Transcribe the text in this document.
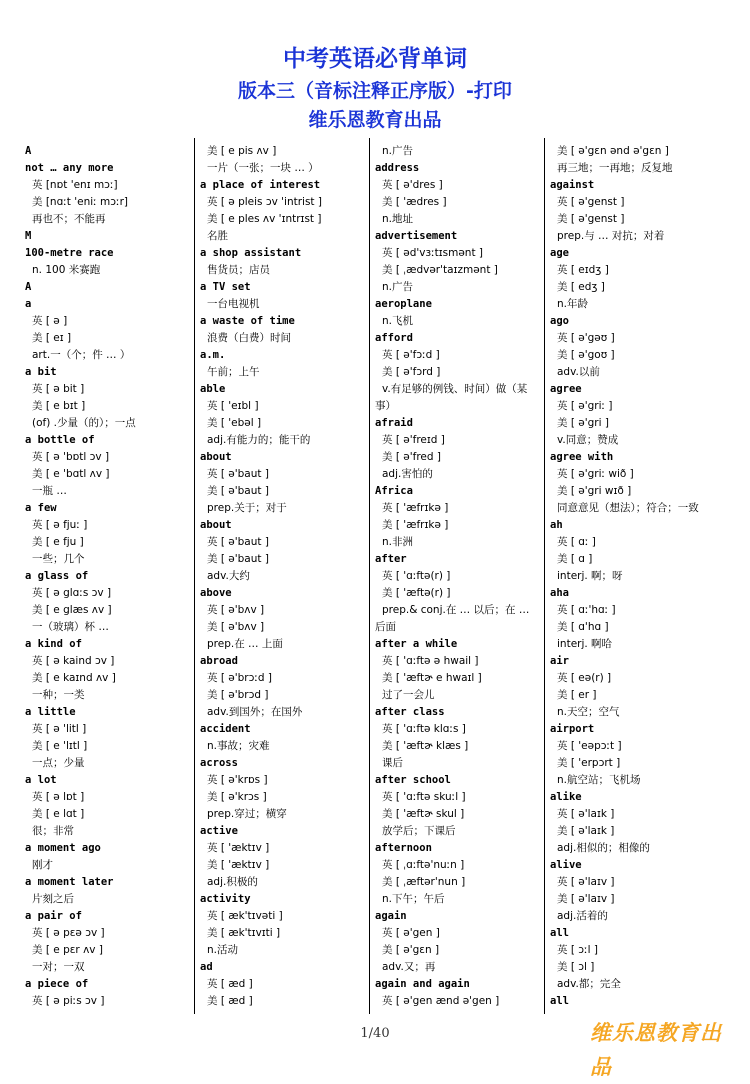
中考英语必背单词
版本三（音标注释正序版）-打印
维乐恩教育出品
A
not … any more
英 [nɒt 'enɪ mɔː]
美 [nɑːt 'eniː mɔːr]
再也不；不能再
M
100-metre race
n. 100 米赛跑
A
a
英 [ ə ]
美 [ eɪ ]
art.一（个；件 … ）
a bit
英 [ ə bit ]
美 [ e bɪt ]
(of) .少量（的）；一点
a bottle of
英 [ ə 'bɒtl ɔv ]
美 [ e 'bɑtl ʌv ]
一瓶 …
a few
英 [ ə fjuː ]
美 [ e fju ]
一些；几个
a glass of
英 [ ə glɑːs ɔv ]
美 [ e glæs ʌv ]
一（玻璃）杯 …
a kind of
英 [ ə kaind ɔv ]
美 [ e kaɪnd ʌv ]
一种；一类
a little
英 [ ə 'litl ]
美 [ e 'lɪtl ]
一点；少量
a lot
英 [ ə lɒt ]
美 [ e lɑt ]
很；非常
a moment ago
刚才
a moment later
片刻之后
a pair of
英 [ ə pɛə ɔv ]
美 [ e pɛr ʌv ]
一对；一双
a piece of
英 [ ə piːs ɔv ]
美 [ e pis ʌv ]
一片（一张；一块 … ）
a place of interest
英 [ ə pleis ɔv 'intrist ]
美 [ e ples ʌv 'ɪntrɪst ]
名胜
a shop assistant
售货员；店员
a TV set
一台电视机
a waste of time
浪费（白费）时间
a.m.
午前；上午
able
英 [ 'eɪbl ]
美 [ 'ebəl ]
adj.有能力的；能干的
about
英 [ ə'baut ]
美 [ ə'baut ]
prep.关于；对于
about
英 [ ə'baut ]
美 [ ə'baut ]
adv.大约
above
英 [ ə'bʌv ]
美 [ ə'bʌv ]
prep.在 … 上面
abroad
英 [ ə'brɔːd ]
美 [ ə'brɔd ]
adv.到国外；在国外
accident
n.事故；灾难
across
英 [ ə'krɒs ]
美 [ ə'krɔs ]
prep.穿过；横穿
active
英 [ 'æktɪv ]
美 [ 'æktɪv ]
adj.积极的
activity
英 [ æk'tɪvəti ]
美 [ æk'tɪvɪti ]
n.活动
ad
英 [ æd ]
美 [ æd ]
n.广告
address
英 [ ə'dres ]
美 [ 'ædres ]
n.地址
advertisement
英 [ əd'vɜːtɪsmənt ]
美 [ ˌædvər'taɪzmənt ]
n.广告
aeroplane
n.飞机
afford
英 [ ə'fɔːd ]
美 [ ə'fɔrd ]
v.有足够的例钱、时间）做（某
事）
afraid
英 [ ə'freɪd ]
美 [ ə'fred ]
adj.害怕的
Africa
英 [ 'æfrɪkə ]
美 [ 'æfrɪkə ]
n.非洲
after
英 [ 'ɑːftə(r) ]
美 [ 'æftə(r) ]
prep.& conj.在 … 以后；在 …
后面
after a while
英 [ 'ɑːftə ə hwail ]
美 [ 'æftɚ e hwaɪl ]
过了一会儿
after class
英 [ 'ɑːftə klɑːs ]
美 [ 'æftɚ klæs ]
课后
after school
英 [ 'ɑːftə skuːl ]
美 [ 'æftɚ skul ]
放学后；下课后
afternoon
英 [ ˌɑːftə'nuːn ]
美 [ ˌæftər'nun ]
n.下午；午后
again
英 [ ə'gen ]
美 [ ə'gɛn ]
adv.又；再
again and again
英 [ ə'gen ænd ə'gen ]
美 [ ə'gɛn ənd ə'gɛn ]
再三地；一再地；反复地
against
英 [ ə'genst ]
美 [ ə'genst ]
prep.与 … 对抗；对着
age
英 [ eɪdʒ ]
美 [ edʒ ]
n.年龄
ago
英 [ ə'gəʊ ]
美 [ ə'goʊ ]
adv.以前
agree
英 [ ə'griː ]
美 [ ə'gri ]
v.同意；赞成
agree with
英 [ ə'griː wið ]
美 [ ə'gri wɪð ]
同意意见（想法）；符合；一致
ah
英 [ ɑː ]
美 [ ɑ ]
interj. 啊；呀
aha
英 [ ɑː'hɑː ]
美 [ ɑ'hɑ ]
interj. 啊哈
air
英 [ eə(r) ]
美 [ er ]
n.天空；空气
airport
英 [ 'eəpɔːt ]
美 [ 'erpɔrt ]
n.航空站；飞机场
alike
英 [ ə'laɪk ]
美 [ ə'laɪk ]
adj.相似的；相像的
alive
英 [ ə'laɪv ]
美 [ ə'laɪv ]
adj.活着的
all
英 [ ɔːl ]
美 [ ɔl ]
adv.都；完全
all
1/40	维乐恩教育出品
